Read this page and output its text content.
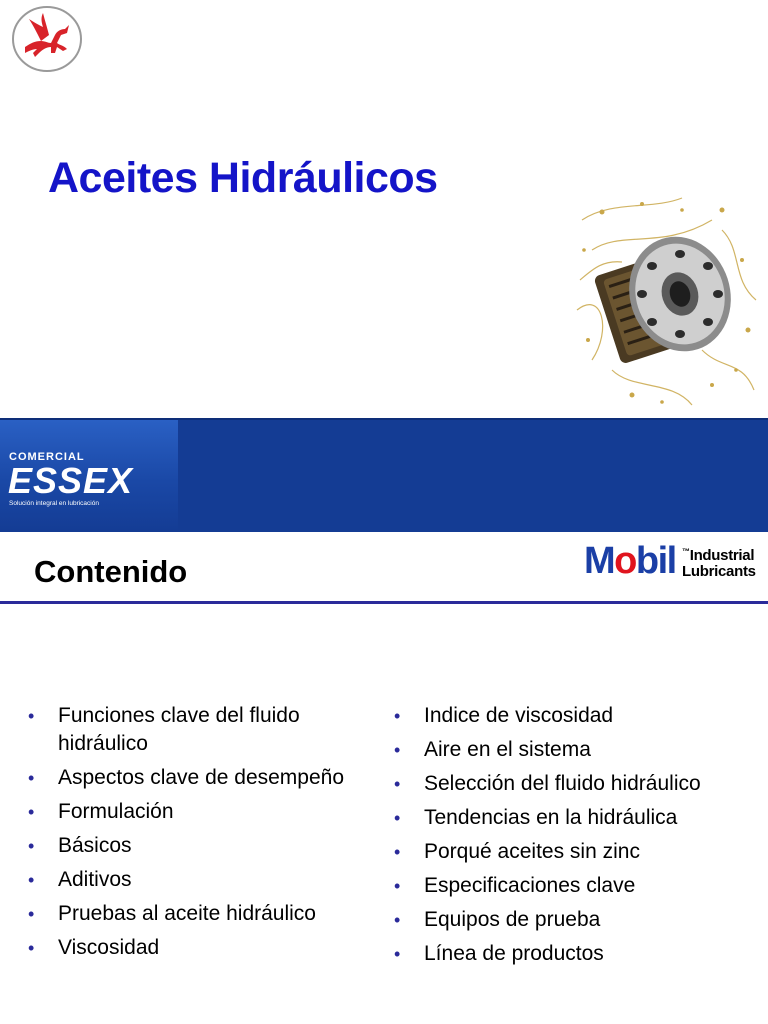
Aceites Hidráulicos
COMERCIAL
ESSEX
Solución integral en lubricación
Contenido	Mobil ™Industrial
Lubricants
• Funciones clave del fluido hidráulico
• Aspectos clave de desempeño
• Formulación
• Básicos
• Aditivos
• Pruebas al aceite hidráulico
• Viscosidad
• Indice de viscosidad
• Aire en el sistema
• Selección del fluido hidráulico
• Tendencias en la hidráulica
• Porqué aceites sin zinc
• Especificaciones clave
• Equipos de prueba
• Línea de productos
